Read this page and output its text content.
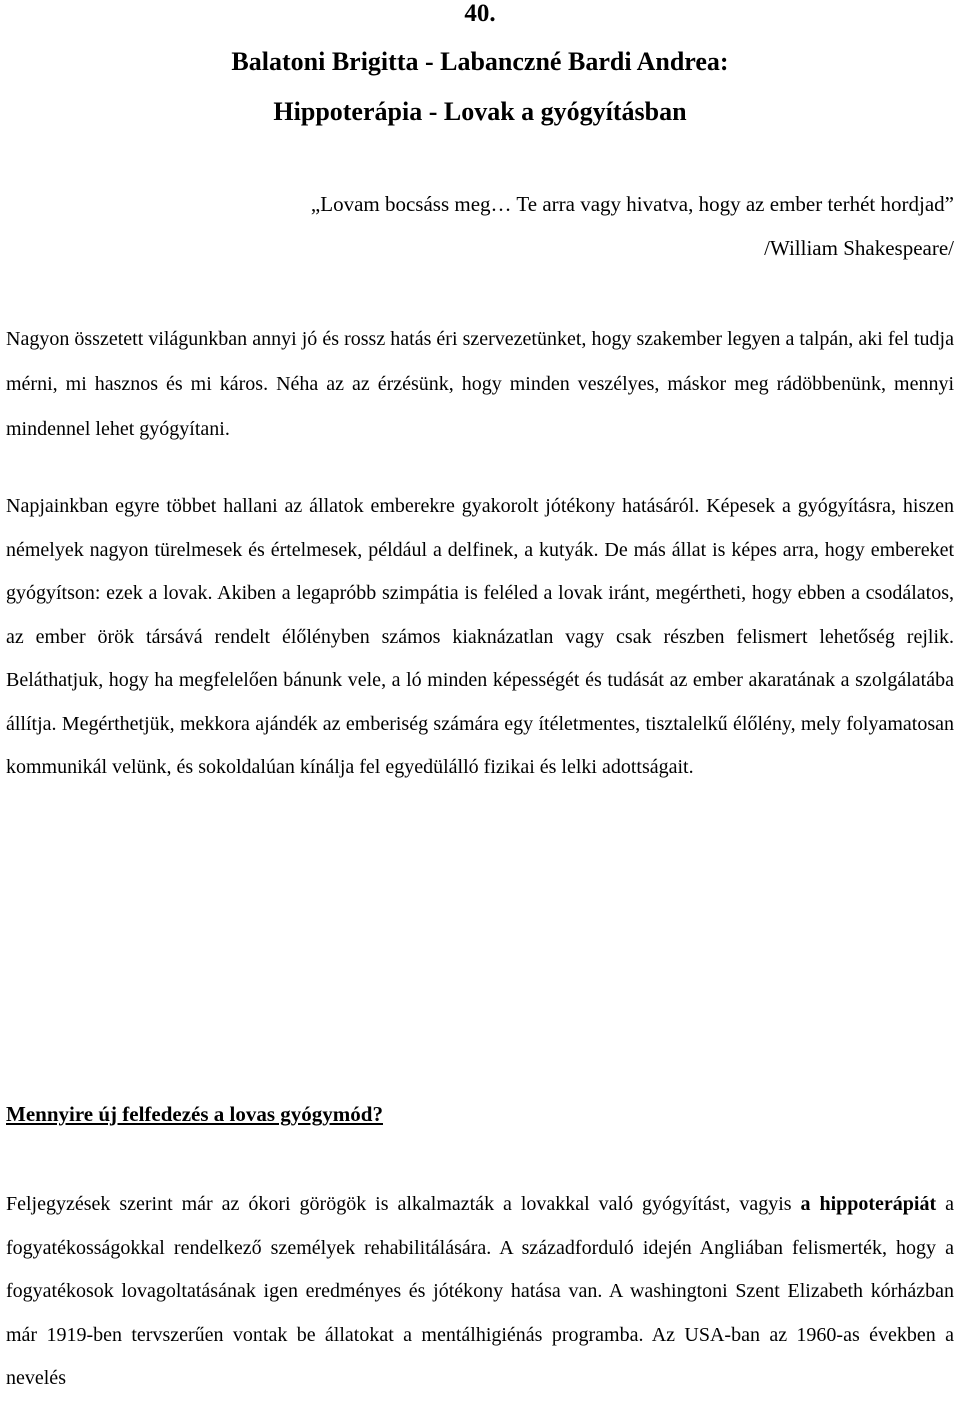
40.
Balatoni Brigitta - Labanczné Bardi Andrea:
Hippoterápia - Lovak a gyógyításban
„Lovam bocsáss meg… Te arra vagy hivatva, hogy az ember terhét hordjad”
/William Shakespeare/

Nagyon összetett világunkban annyi jó és rossz hatás éri szervezetünket, hogy szakember legyen a talpán, aki fel tudja mérni, mi hasznos és mi káros. Néha az az érzésünk, hogy minden veszélyes, máskor meg rádöbbenünk, mennyi mindennel lehet gyógyítani.

Napjainkban egyre többet hallani az állatok emberekre gyakorolt jótékony hatásáról. Képesek a gyógyításra, hiszen némelyek nagyon türelmesek és értelmesek, például a delfinek, a kutyák. De más állat is képes arra, hogy embereket gyógyítson: ezek a lovak. Akiben a legapróbb szimpátia is feléled a lovak iránt, megértheti, hogy ebben a csodálatos, az ember örök társává rendelt élőlényben számos kiaknázatlan vagy csak részben felismert lehetőség rejlik. Beláthatjuk, hogy ha megfelelően bánunk vele, a ló minden képességét és tudását az ember akaratának a szolgálatába állítja. Megérthetjük, mekkora ajándék az emberiség számára egy ítéletmentes, tisztalelkű élőlény, mely folyamatosan kommunikál velünk, és sokoldalúan kínálja fel egyedülálló fizikai és lelki adottságait.

Mennyire új felfedezés a lovas gyógymód?

Feljegyzések szerint már az ókori görögök is alkalmazták a lovakkal való gyógyítást, vagyis a hippoterápiát a fogyatékosságokkal rendelkező személyek rehabilitálására. A századforduló idején Angliában felismerték, hogy a fogyatékosok lovagoltatásának igen eredményes és jótékony hatása van. A washingtoni Szent Elizabeth kórházban már 1919-ben tervszerűen vontak be állatokat a mentálhigiénás programba. Az USA-ban az 1960-as években a nevelés
